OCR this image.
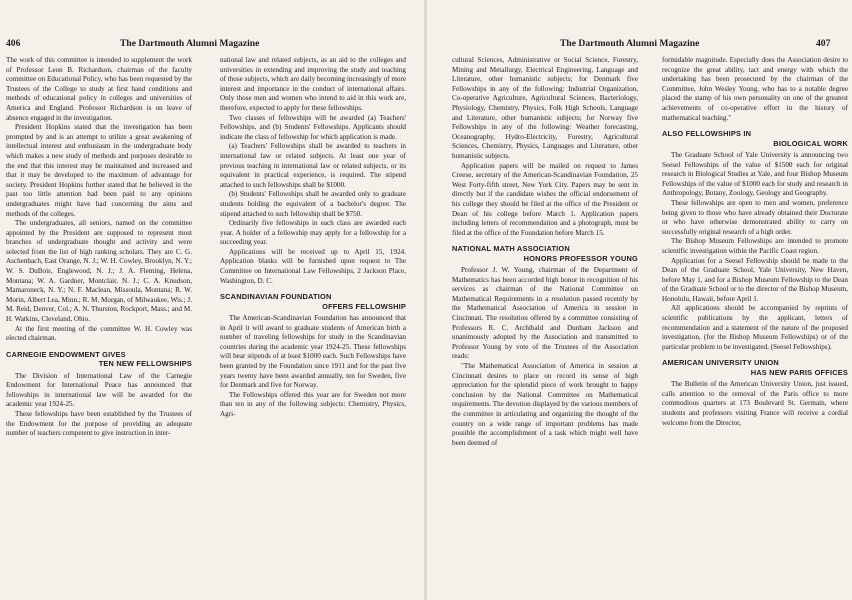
406	The Dartmouth Alumni Magazine

The work of this committee is intended to supplement the work of Professor Leon B. Richardson, chairman of the faculty committee on Educational Policy, who has been requested by the Trustees of the College to study at first hand conditions and methods of educational policy in colleges and universities of America and England. Professor Richardson is on leave of absence engaged in the investigation.

President Hopkins stated that the investigation has been prompted by and is an attempt to utilize a great awakening of intellectual interest and enthusiasm in the undergraduate body which makes a new study of methods and purposes desirable to the end that this interest may be maintained and increased and that it may be developed to the maximum of advantage for society. President Hopkins further stated that he believed in the past too little attention had been paid to any opinions undergraduates might have had concerning the aims and methods of the colleges.

The undergraduates, all seniors, named on the committee appointed by the President are supposed to represent most branches of undergraduate thought and activity and were selected from the list of high ranking scholars. They are C. G. Aschenbach, East Orange, N. J.; W. H. Cowley, Brooklyn, N. Y.; W. S. DuBois, Englewood, N. J.; J. A. Fleming, Helena, Montana; W. A. Gardner, Montclair, N. J.; C. A. Knudson, Mamaroneck, N. Y.; N. F. Maclean, Missoula, Montana; R. W. Morin, Albert Lea, Minn.; R. M. Morgan, of Milwaukee, Wis.; J. M. Reid, Denver, Col.; A. N. Thurston, Rockport, Mass.; and M. H. Watkins, Cleveland, Ohio.

At the first meeting of the committee W. H. Cowley was elected chairman.

CARNEGIE ENDOWMENT GIVES
TEN NEW FELLOWSHIPS

The Division of International Law of the Carnegie Endowment for International Peace has announced that fellowships in international law will be awarded for the academic year 1924-25.

These fellowships have been established by the Trustees of the Endowment for the purpose of providing an adequate number of teachers competent to give instruction in inter-

national law and related subjects, as an aid to the colleges and universities in extending and improving the study and teaching of those subjects, which are daily becoming increasingly of more interest and importance in the conduct of international affairs. Only those men and women who intend to aid in this work are, therefore, expected to apply for these fellowships.

Two classes of fellowships will be awarded (a) Teachers' Fellowships, and (b) Students' Fellowships. Applicants should indicate the class of fellowship for which application is made.

(a) Teachers' Fellowships shall be awarded to teachers in international law or related subjects. At least one year of previous teaching in international law or related subjects, or its equivalent in practical experience, is required. The stipend attached to such fellowships shall be $1000.

(b) Students' Fellowships shall be awarded only to graduate students holding the equivalent of a bachelor's degree. The stipend attached to such fellowship shall be $750.

Ordinarily five fellowships in each class are awarded each year. A holder of a fellowship may apply for a fellowship for a succeeding year.

Applications will be received up to April 15, 1924. Application blanks will be furnished upon request to The Committee on International Law Fellowships, 2 Jackson Place, Washington, D. C.

SCANDINAVIAN FOUNDATION
OFFERS FELLOWSHIP

The American-Scandinavian Foundation has announced that in April it will award to graduate students of American birth a number of traveling fellowships for study in the Scandinavian countries during the academic year 1924-25. These fellowships will bear stipends of at least $1000 each. Such Fellowships have been granted by the Foundation since 1911 and for the past five years twenty have been awarded annually, ten for Sweden, five for Denmark and five for Norway.

The Fellowships offered this year are for Sweden not more than ten in any of the following subjects: Chemistry, Physics, Agri-

The Dartmouth Alumni Magazine	407

cultural Sciences, Administrative or Social Science, Forestry, Mining and Metallurgy, Electrical Engineering, Language and Literature, other humanistic subjects; for Denmark five Fellowships in any of the following: Industrial Organization, Co-operative Agriculture, Agricultural Sciences, Bacteriology, Physiology, Chemistry, Physics, Folk High Schools, Language and Literature, other humanistic subjects; for Norway five Fellowships in any of the following: Weather forecasting, Oceanography, Hydro-Electricity, Forestry, Agricultural Sciences, Chemistry, Physics, Languages and Literature, other humanistic subjects.

Application papers will be mailed on request to James Creese, secretary of the American-Scandinavian Foundation, 25 West Forty-fifth street, New York City. Papers may be sent in directly but if the candidate wishes the official endorsement of his college they should be filed at the office of the President or Dean of his college before March 1. Application papers including letters of recommendation and a photograph, must be filed at the office of the Foundation before March 15.

NATIONAL MATH ASSOCIATION
HONORS PROFESSOR YOUNG

Professor J. W. Young, chairman of the Department of Mathematics has been accorded high honor in recognition of his services as chairman of the National Committee on Mathematical Requirements in a resolution passed recently by the Mathematical Association of America in session in Cincinnati. The resolution offered by a committee consisting of Professors R. C. Archibald and Dunham Jackson and unanimously adopted by the Association and transmitted to Professor Young by vote of the Trustees of the Association reads:

"The Mathematical Association of America in session at Cincinnati desires to place on record its sense of high appreciation for the splendid piece of work brought to happy conclusion by the National Committee on Mathematical requirements. The devotion displayed by the various members of the committee in articulating and organizing the thought of the country on a wide range of important problems has made possible the accomplishment of a task which might well have been deemed of

formidable magnitude. Especially does the Association desire to recognize the great ability, tact and energy with which the undertaking has been prosecuted by the chairman of the Committee, John Wesley Young, who has to a notable degree placed the stamp of his own personality on one of the greatest achievements of co-operative effort in the history of mathematical teaching."

ALSO FELLOWSHIPS IN
BIOLOGICAL WORK

The Graduate School of Yale University is announcing two Seesel Fellowships of the value of $1500 each for original research in Biological Studies at Yale, and four Bishop Museum Fellowships of the value of $1000 each for study and research in Anthropology, Botany, Zoology, Geology and Geography.

These fellowships are open to men and women, preference being given to those who have already obtained their Doctorate or who have otherwise demonstrated ability to carry on successfully original research of a high order.

The Bishop Museum Fellowships are intended to promote scientific investigation within the Pacific Coast region.

Application for a Seesel Fellowship should be made to the Dean of the Graduate School, Yale University, New Haven, before May 1, and for a Bishop Museum Fellowship to the Dean of the Graduate School or to the director of the Bishop Museum, Honolulu, Hawaii, before April 1.

All applications should be accompanied by reprints of scientific publications by the applicant, letters of recommendation and a statement of the nature of the proposed investigation, (for the Bishop Museum Fellowships) or of the particular problem to be investigated, (Seesel Fellowships).

AMERICAN UNIVERSITY UNION
HAS NEW PARIS OFFICES

The Bulletin of the American University Union, just issued, calls attention to the removal of the Paris office to more commodious quarters at 173 Boulevard St. Germain, where students and professors visiting France will receive a cordial welcome from the Director,
